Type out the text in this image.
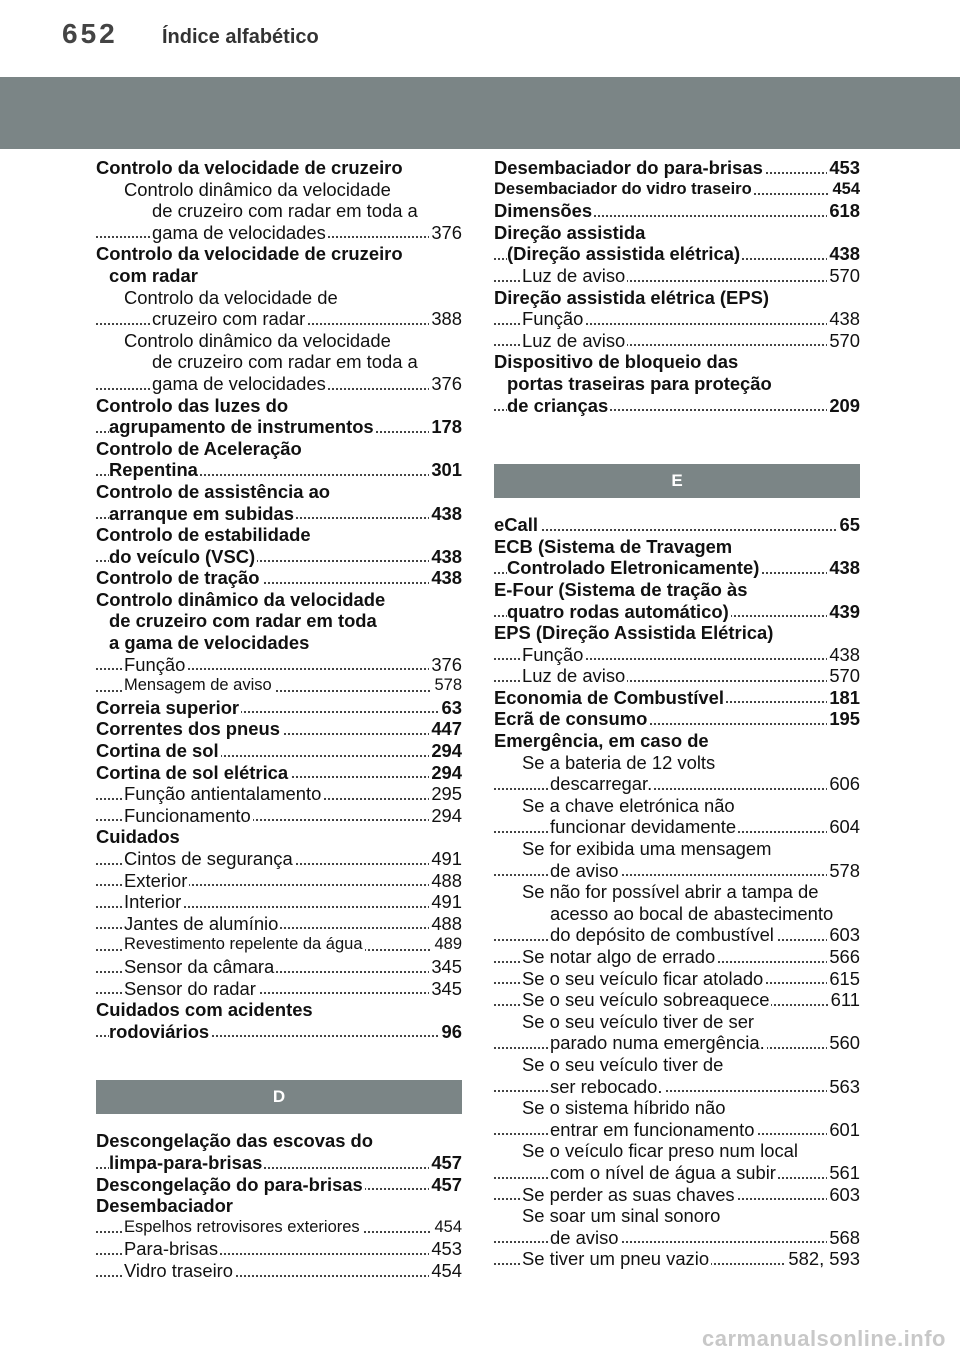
652 Índice alfabético
Controlo da velocidade de cruzeiro
Controlo dinâmico da velocidade
de cruzeiro com radar em toda a
gama de velocidades	376
Controlo da velocidade de cruzeiro
com radar
Controlo da velocidade de
cruzeiro com radar	388
Controlo dinâmico da velocidade
de cruzeiro com radar em toda a
gama de velocidades	376
Controlo das luzes do
agrupamento de instrumentos	178
Controlo de Aceleração
Repentina	301
Controlo de assistência ao
arranque em subidas	438
Controlo de estabilidade
do veículo (VSC)	438
Controlo de tração	438
Controlo dinâmico da velocidade
de cruzeiro com radar em toda
a gama de velocidades
Função	376
Mensagem de aviso	578
Correia superior	63
Correntes dos pneus	447
Cortina de sol	294
Cortina de sol elétrica	294
Função antientalamento	295
Funcionamento	294
Cuidados
Cintos de segurança	491
Exterior	488
Interior	491
Jantes de alumínio	488
Revestimento repelente da água	489
Sensor da câmara	345
Sensor do radar	345
Cuidados com acidentes
rodoviários	96
D
Descongelação das escovas do
limpa-para-brisas	457
Descongelação do para-brisas	457
Desembaciador
Espelhos retrovisores exteriores	454
Para-brisas	453
Vidro traseiro	454
Desembaciador do para-brisas	453
Desembaciador do vidro traseiro	454
Dimensões	618
Direção assistida
(Direção assistida elétrica)	438
Luz de aviso	570
Direção assistida elétrica (EPS)
Função	438
Luz de aviso	570
Dispositivo de bloqueio das
portas traseiras para proteção
de crianças	209
E
eCall	65
ECB (Sistema de Travagem
Controlado Eletronicamente)	438
E-Four (Sistema de tração às
quatro rodas automático)	439
EPS (Direção Assistida Elétrica)
Função	438
Luz de aviso	570
Economia de Combustível	181
Ecrã de consumo	195
Emergência, em caso de
Se a bateria de 12 volts
descarregar.	606
Se a chave eletrónica não
funcionar devidamente	604
Se for exibida uma mensagem
de aviso	578
Se não for possível abrir a tampa de
acesso ao bocal de abastecimento
do depósito de combustível	603
Se notar algo de errado	566
Se o seu veículo ficar atolado	615
Se o seu veículo sobreaquece	611
Se o seu veículo tiver de ser
parado numa emergência.	560
Se o seu veículo tiver de
ser rebocado.	563
Se o sistema híbrido não
entrar em funcionamento	601
Se o veículo ficar preso num local
com o nível de água a subir	561
Se perder as suas chaves	603
Se soar um sinal sonoro
de aviso	568
Se tiver um pneu vazio	582, 593
carmanualsonline.info
